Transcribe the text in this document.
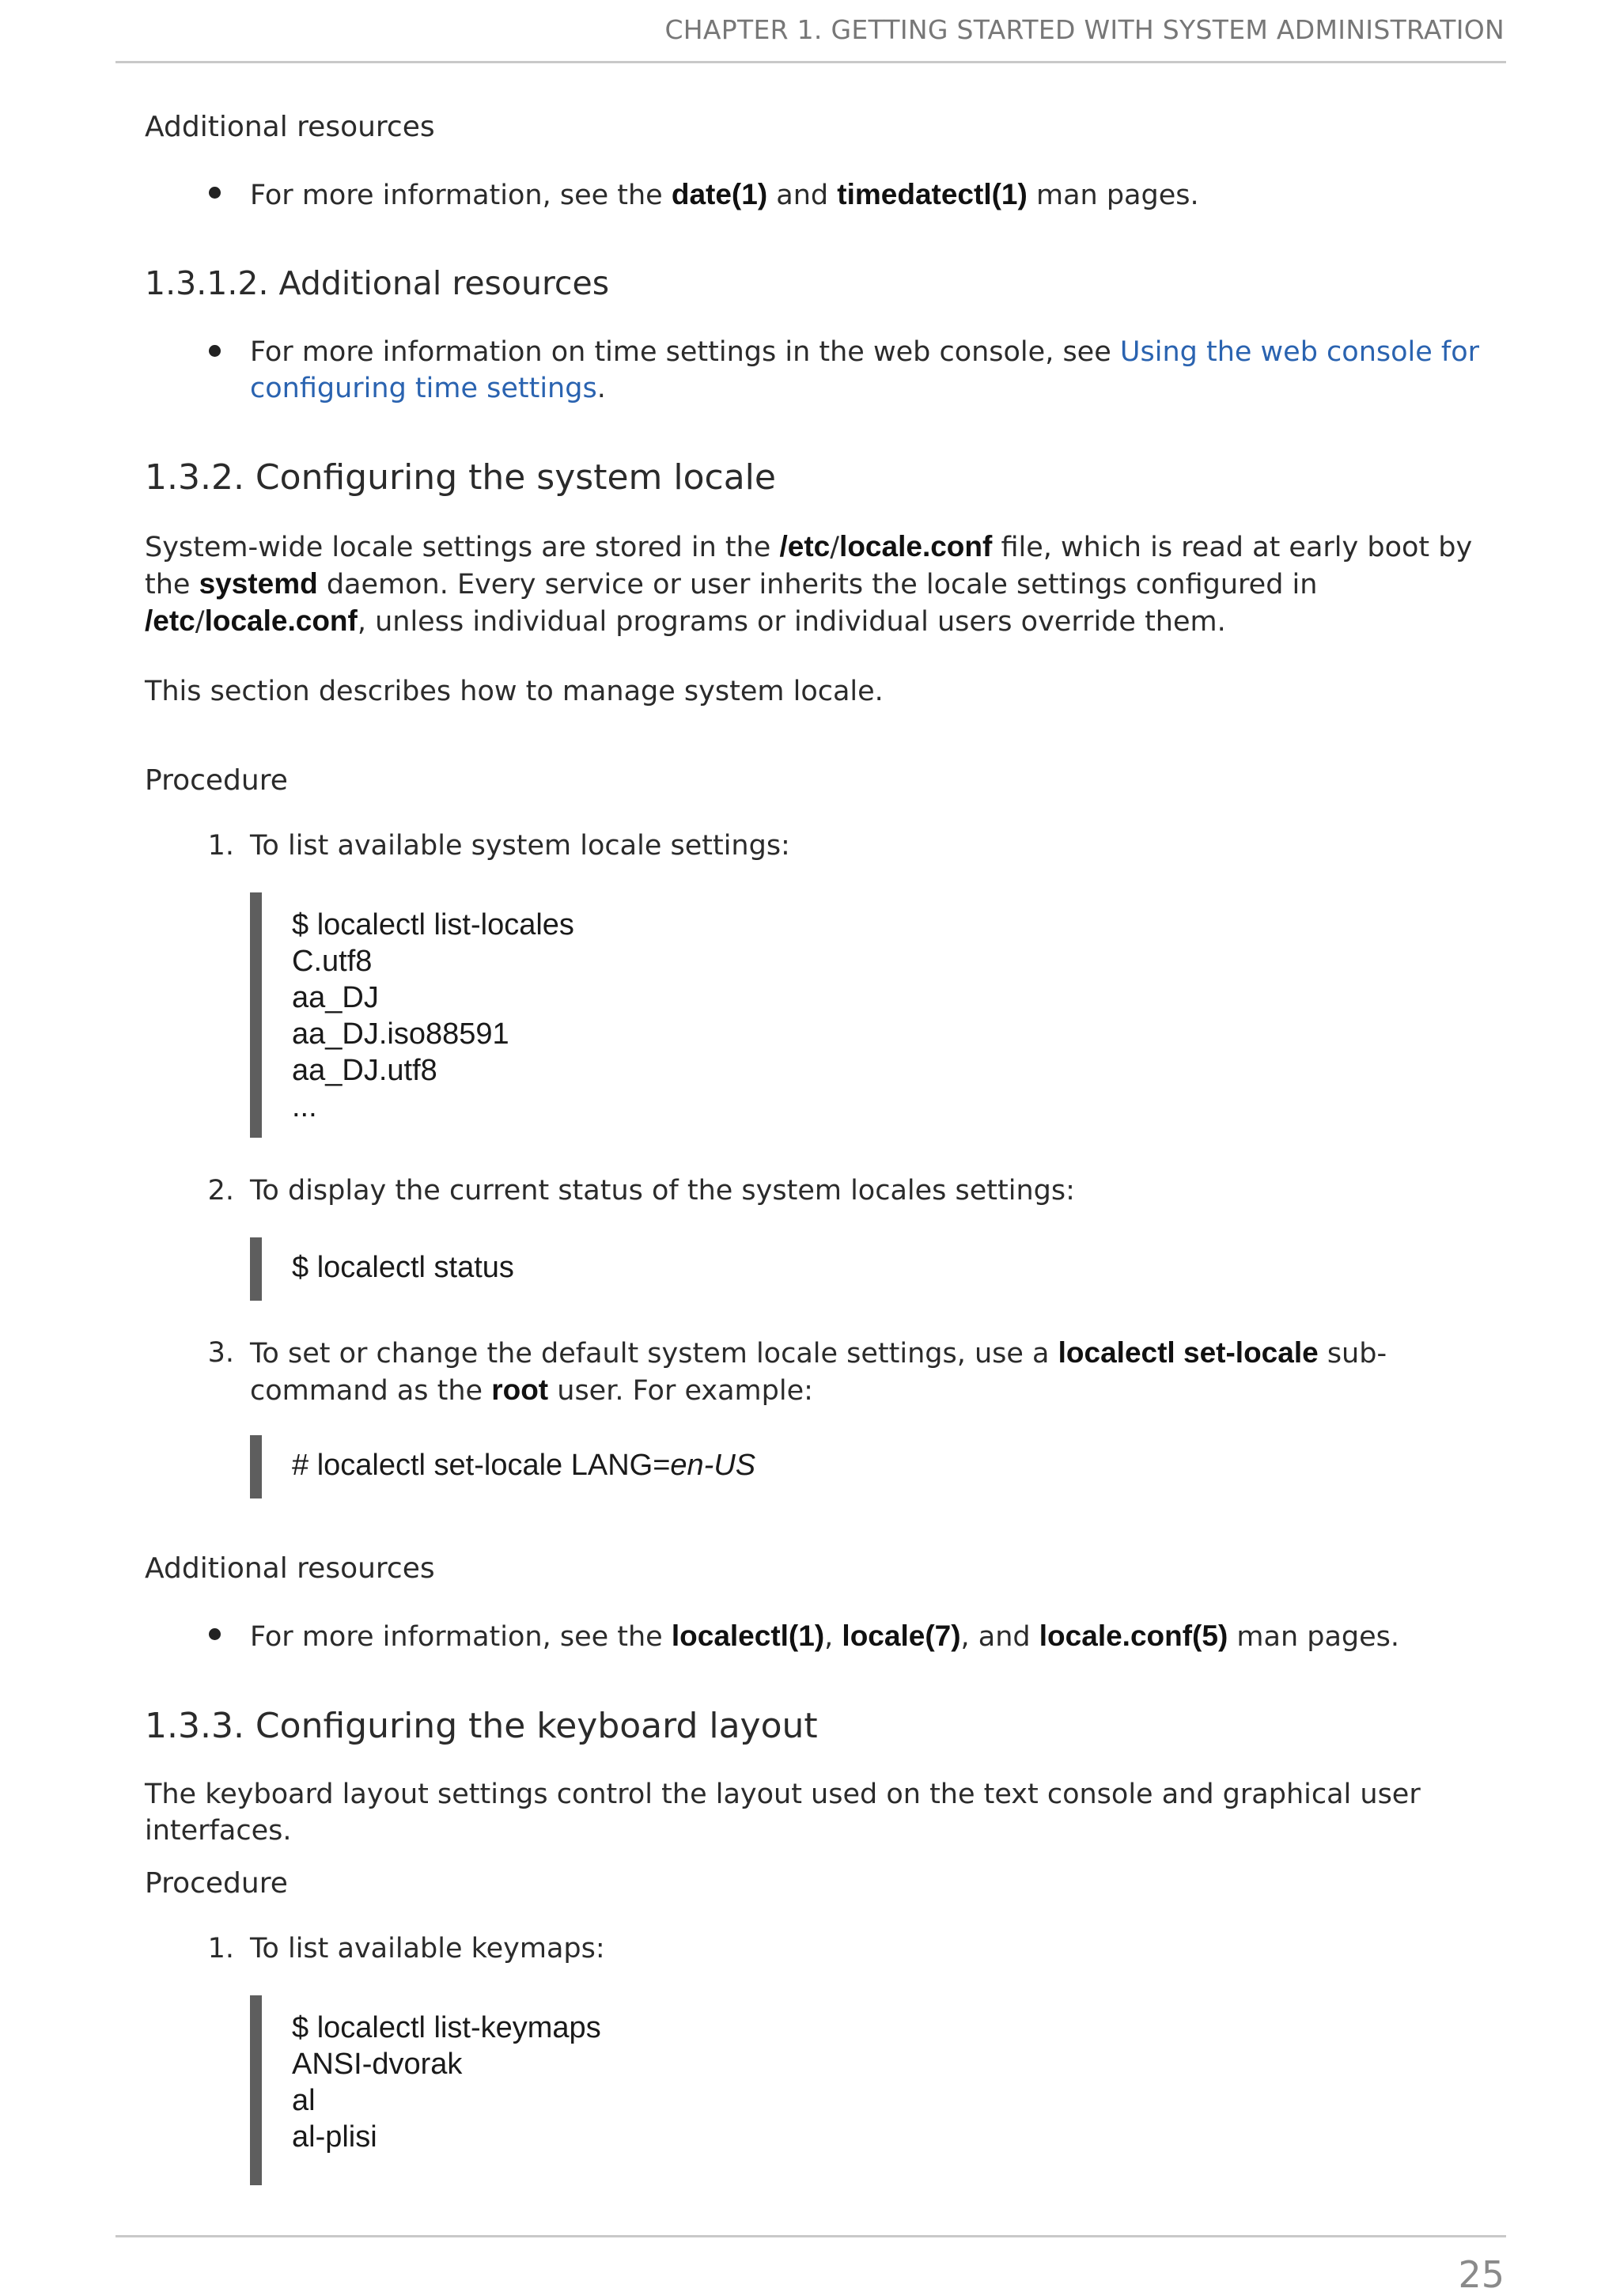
CHAPTER 1. GETTING STARTED WITH SYSTEM ADMINISTRATION
Additional resources
For more information, see the date(1) and timedatectl(1) man pages.
1.3.1.2. Additional resources
For more information on time settings in the web console, see Using the web console for configuring time settings.
1.3.2. Configuring the system locale
System-wide locale settings are stored in the /etc/locale.conf file, which is read at early boot by the systemd daemon. Every service or user inherits the locale settings configured in /etc/locale.conf, unless individual programs or individual users override them.
This section describes how to manage system locale.
Procedure
1. To list available system locale settings:
$ localectl list-locales
C.utf8
aa_DJ
aa_DJ.iso88591
aa_DJ.utf8
...
2. To display the current status of the system locales settings:
$ localectl status
3. To set or change the default system locale settings, use a localectl set-locale sub-command as the root user. For example:
# localectl set-locale LANG=en-US
Additional resources
For more information, see the localectl(1), locale(7), and locale.conf(5) man pages.
1.3.3. Configuring the keyboard layout
The keyboard layout settings control the layout used on the text console and graphical user interfaces.
Procedure
1. To list available keymaps:
$ localectl list-keymaps
ANSI-dvorak
al
al-plisi
25
